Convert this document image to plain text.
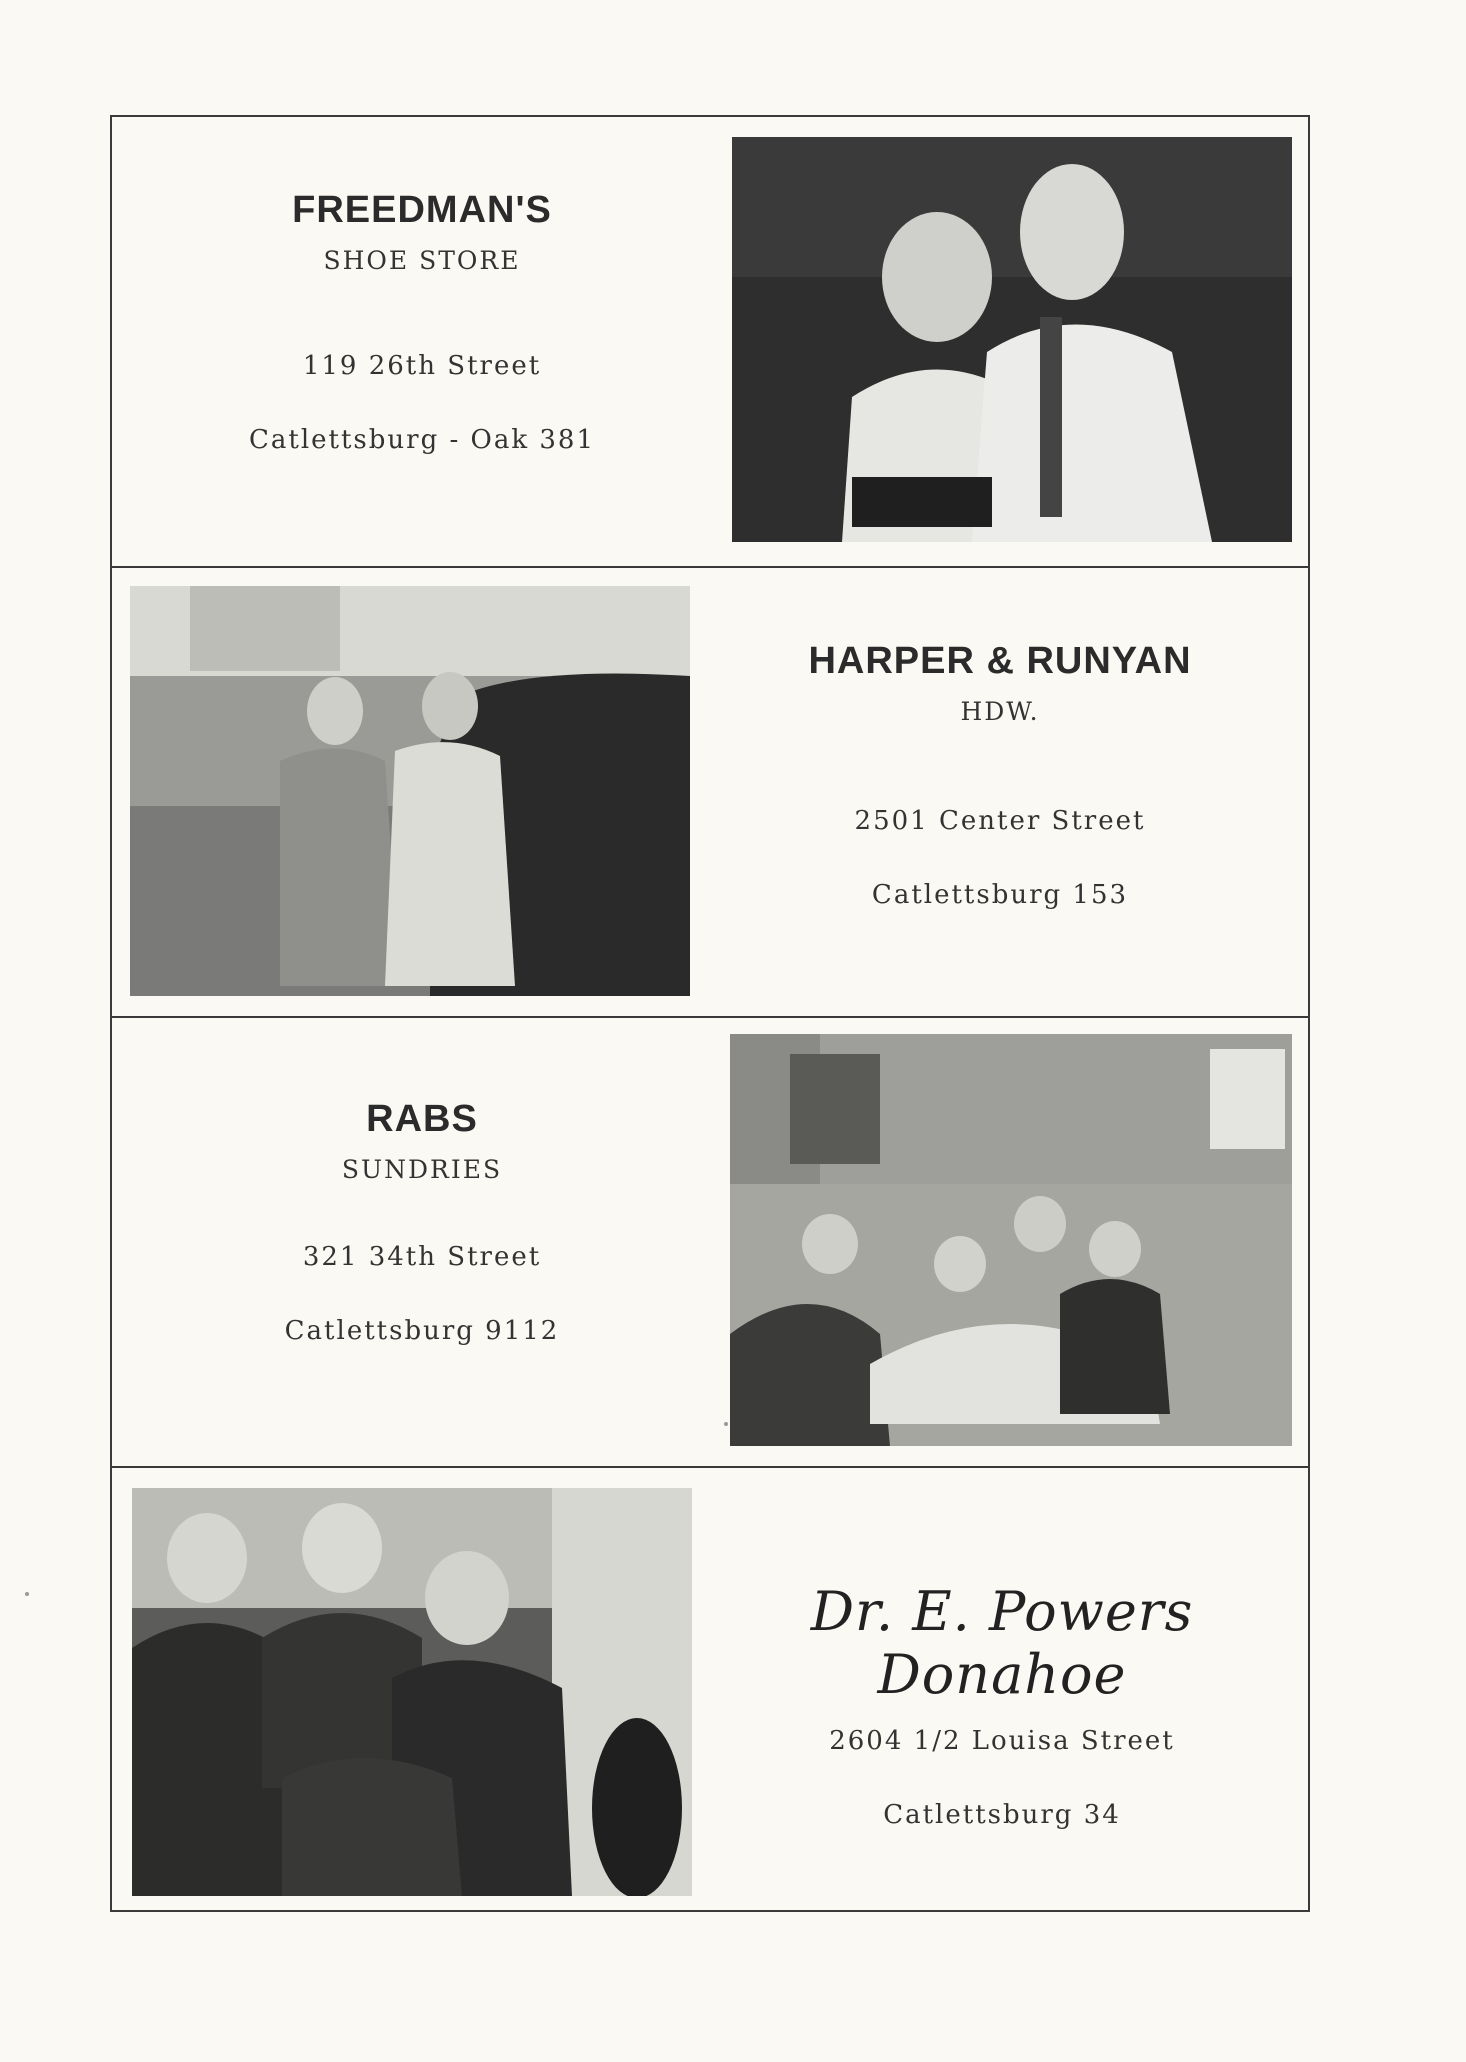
FREEDMAN'S
SHOE STORE
119 26th Street
Catlettsburg - Oak 381
HARPER & RUNYAN
HDW.
2501 Center Street
Catlettsburg 153
RABS
SUNDRIES
321 34th Street
Catlettsburg 9112
Dr. E. Powers Donahoe
2604 1/2 Louisa Street
Catlettsburg 34
